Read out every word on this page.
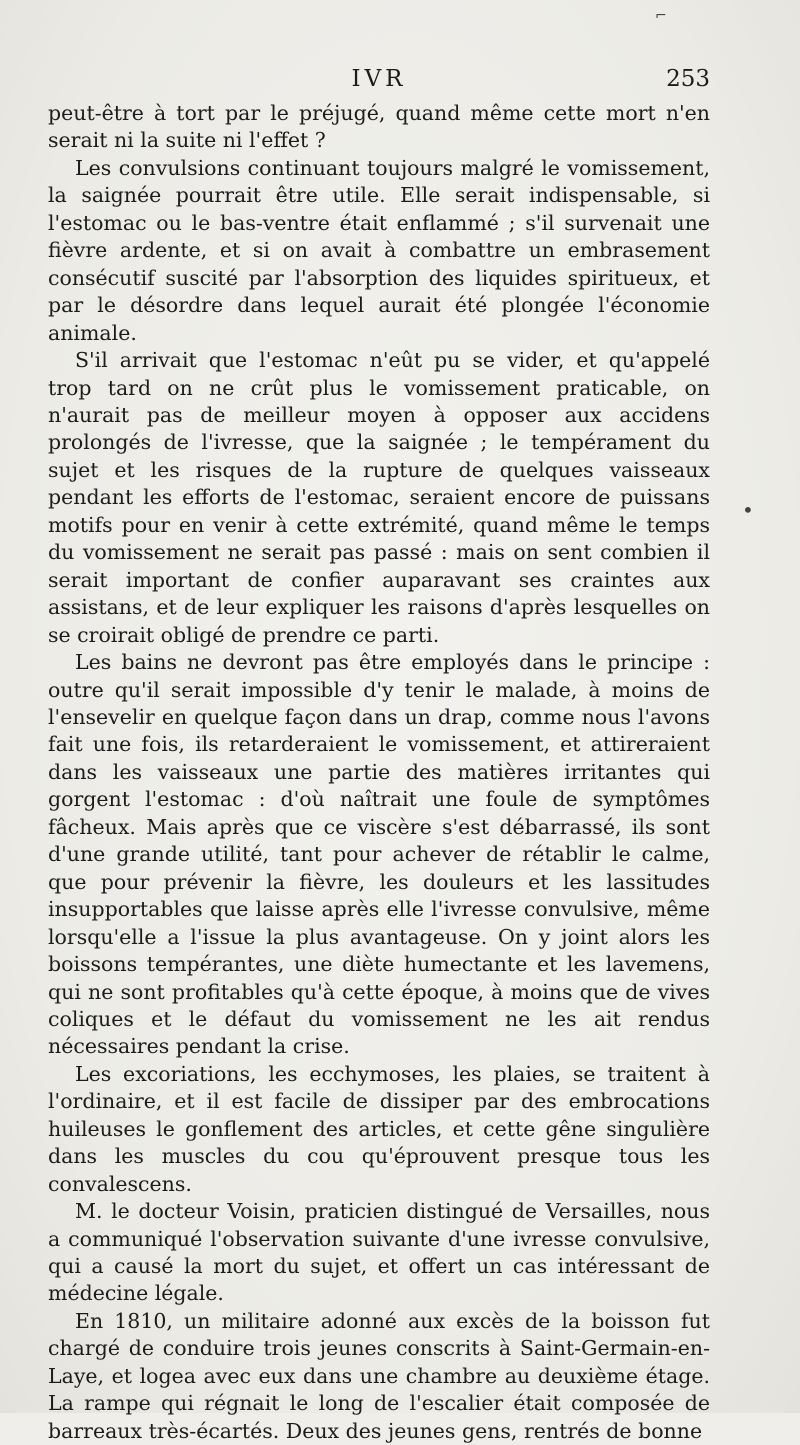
IVR	253

peut-être à tort par le préjugé, quand même cette mort n'en serait ni la suite ni l'effet ?

Les convulsions continuant toujours malgré le vomissement, la saignée pourrait être utile. Elle serait indispensable, si l'estomac ou le bas-ventre était enflammé ; s'il survenait une fièvre ardente, et si on avait à combattre un embrasement consécutif suscité par l'absorption des liquides spiritueux, et par le désordre dans lequel aurait été plongée l'économie animale.

S'il arrivait que l'estomac n'eût pu se vider, et qu'appelé trop tard on ne crût plus le vomissement praticable, on n'aurait pas de meilleur moyen à opposer aux accidens prolongés de l'ivresse, que la saignée ; le tempérament du sujet et les risques de la rupture de quelques vaisseaux pendant les efforts de l'estomac, seraient encore de puissans motifs pour en venir à cette extrémité, quand même le temps du vomissement ne serait pas passé : mais on sent combien il serait important de confier auparavant ses craintes aux assistans, et de leur expliquer les raisons d'après lesquelles on se croirait obligé de prendre ce parti.

Les bains ne devront pas être employés dans le principe : outre qu'il serait impossible d'y tenir le malade, à moins de l'ensevelir en quelque façon dans un drap, comme nous l'avons fait une fois, ils retarderaient le vomissement, et attireraient dans les vaisseaux une partie des matières irritantes qui gorgent l'estomac : d'où naîtrait une foule de symptômes fâcheux. Mais après que ce viscère s'est débarrassé, ils sont d'une grande utilité, tant pour achever de rétablir le calme, que pour prévenir la fièvre, les douleurs et les lassitudes insupportables que laisse après elle l'ivresse convulsive, même lorsqu'elle a l'issue la plus avantageuse. On y joint alors les boissons tempérantes, une diète humectante et les lavemens, qui ne sont profitables qu'à cette époque, à moins que de vives coliques et le défaut du vomissement ne les ait rendus nécessaires pendant la crise.

Les excoriations, les ecchymoses, les plaies, se traitent à l'ordinaire, et il est facile de dissiper par des embrocations huileuses le gonflement des articles, et cette gêne singulière dans les muscles du cou qu'éprouvent presque tous les convalescens.

M. le docteur Voisin, praticien distingué de Versailles, nous a communiqué l'observation suivante d'une ivresse convulsive, qui a causé la mort du sujet, et offert un cas intéressant de médecine légale.

En 1810, un militaire adonné aux excès de la boisson fut chargé de conduire trois jeunes conscrits à Saint-Germain-en-Laye, et logea avec eux dans une chambre au deuxième étage. La rampe qui régnait le long de l'escalier était composée de barreaux très-écartés. Deux des jeunes gens, rentrés de bonne

•
⌐
